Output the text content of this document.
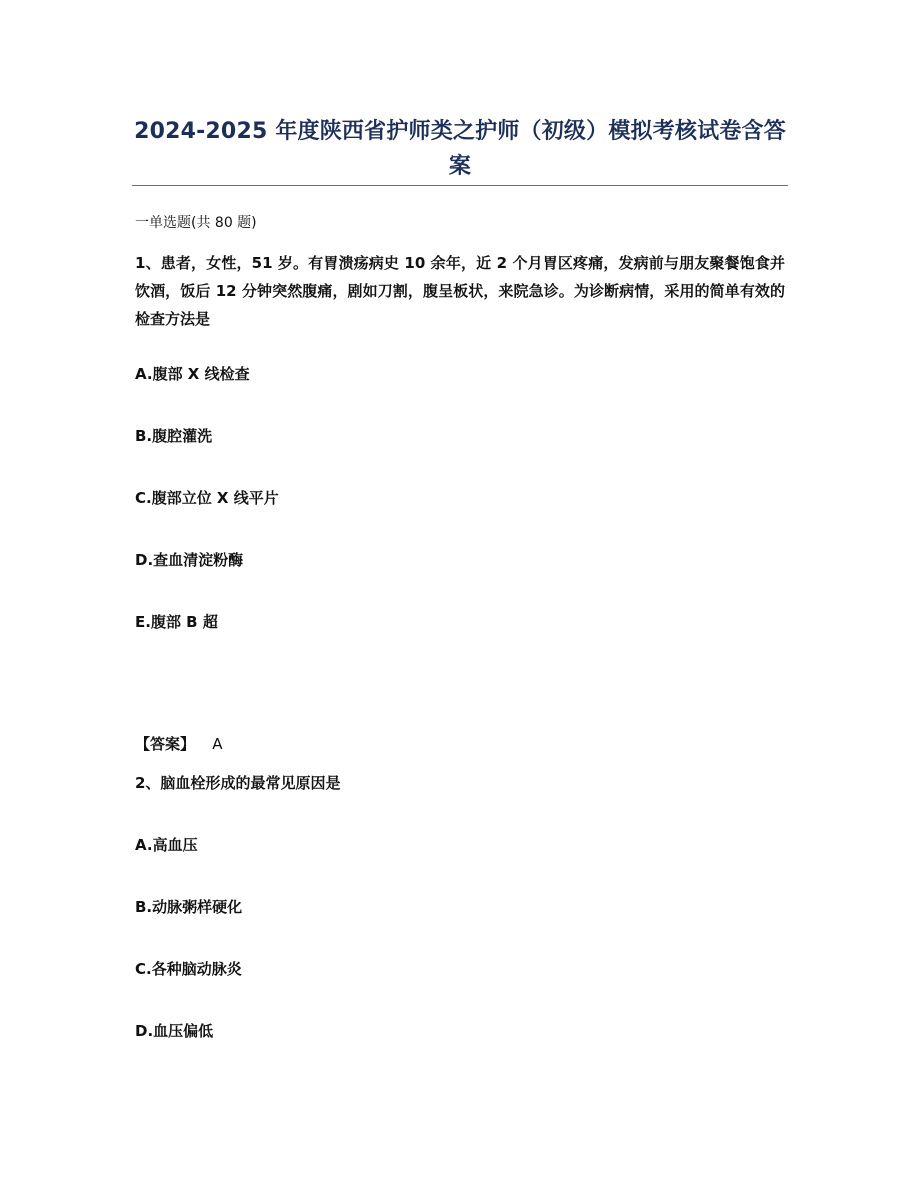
2024-2025 年度陕西省护师类之护师（初级）模拟考核试卷含答案
一单选题(共 80 题)
1、患者，女性，51 岁。有胃溃疡病史 10 余年，近 2 个月胃区疼痛，发病前与朋友聚餐饱食并饮酒，饭后 12 分钟突然腹痛，剧如刀割，腹呈板状，来院急诊。为诊断病情，采用的简单有效的检查方法是
A.腹部 X 线检查
B.腹腔灌洗
C.腹部立位 X 线平片
D.查血清淀粉酶
E.腹部 B 超
【答案】 A
2、脑血栓形成的最常见原因是
A.高血压
B.动脉粥样硬化
C.各种脑动脉炎
D.血压偏低
